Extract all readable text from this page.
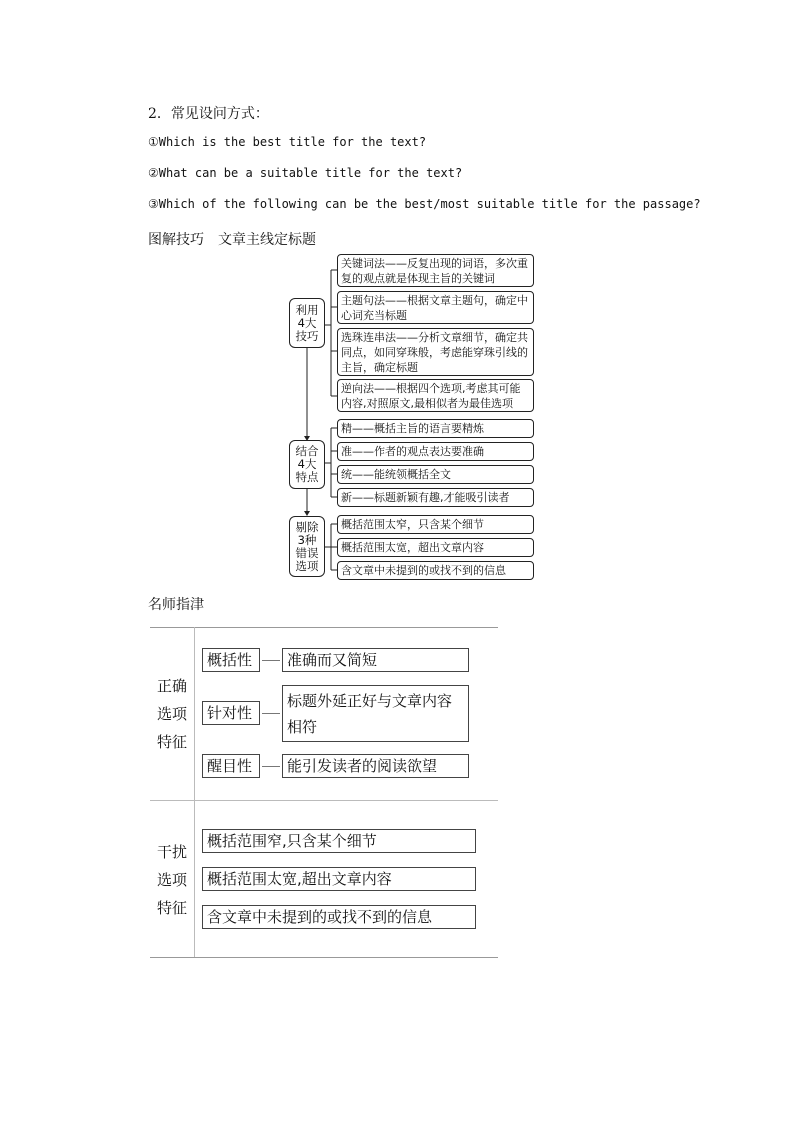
2．常见设问方式：
①Which is the best title for the text?
②What can be a suitable title for the text?
③Which of the following can be the best/most suitable title for the passage?
图解技巧　文章主线定标题
利用
4大
技巧
关键词法——反复出现的词语，多次重复的观点就是体现主旨的关键词
主题句法——根据文章主题句，确定中心词充当标题
选珠连串法——分析文章细节，确定共同点，如同穿珠般，考虑能穿珠引线的主旨，确定标题
逆向法——根据四个选项,考虑其可能内容,对照原文,最相似者为最佳选项
结合
4大
特点
精——概括主旨的语言要精炼
准——作者的观点表达要准确
统——能统领概括全文
新——标题新颖有趣,才能吸引读者
剔除
3种
错误
选项
概括范围太窄，只含某个细节
概括范围太宽，超出文章内容
含文章中未提到的或找不到的信息
名师指津
正确
选项
特征
概括性	准确而又简短
针对性
标题外延正好与文章内容相符
醒目性	能引发读者的阅读欲望
干扰
选项
特征
概括范围窄,只含某个细节
概括范围太宽,超出文章内容
含文章中未提到的或找不到的信息
